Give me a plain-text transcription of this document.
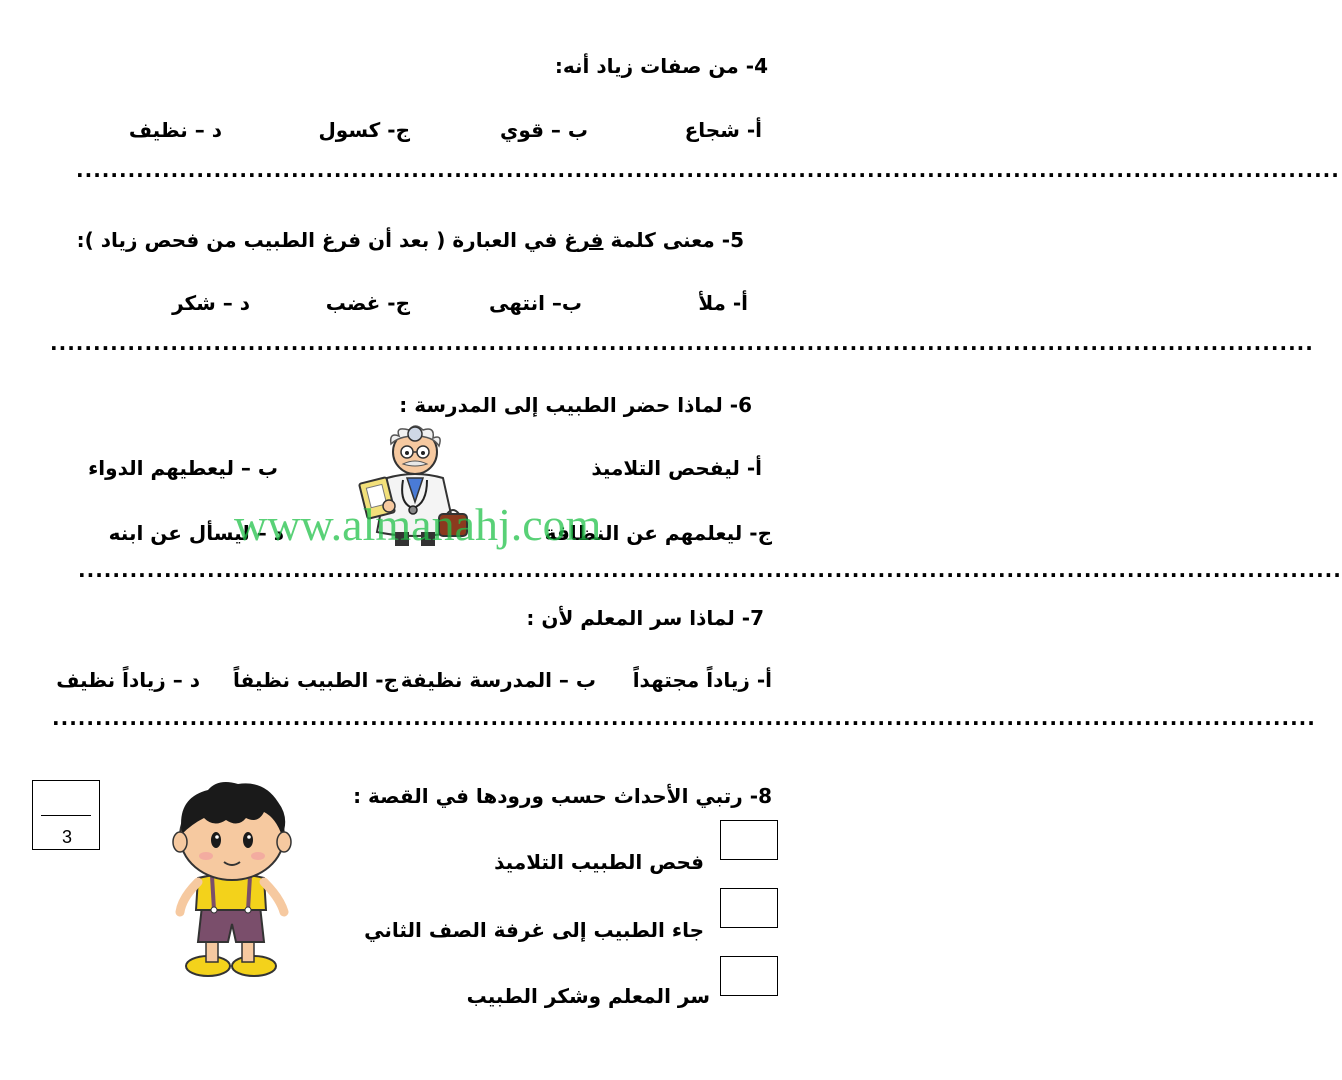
4- من صفات زياد أنه:
أ- شجاع
ب – قوي
ج- كسول
د – نظيف
...................................................................................................................................................
5- معنى كلمة فرغ في العبارة ( بعد أن فرغ الطبيب من فحص زياد ):
أ- ملأ
ب– انتهى
ج- غضب
د – شكر
...................................................................................................................................................
6- لماذا حضر الطبيب إلى المدرسة :
أ- ليفحص التلاميذ
ب – ليعطيهم الدواء
ج- ليعلمهم عن النظافة
د – ليسأل عن ابنه
www.almanahj.com
...................................................................................................................................................
7- لماذا سر المعلم لأن :
أ- زياداً مجتهداً
ب – المدرسة نظيفة
ج- الطبيب نظيفاً
د – زياداً نظيف
...................................................................................................................................................
3
8- رتبي الأحداث حسب ورودها في القصة :
فحص الطبيب التلاميذ
جاء الطبيب إلى غرفة الصف الثاني
سر المعلم وشكر الطبيب
